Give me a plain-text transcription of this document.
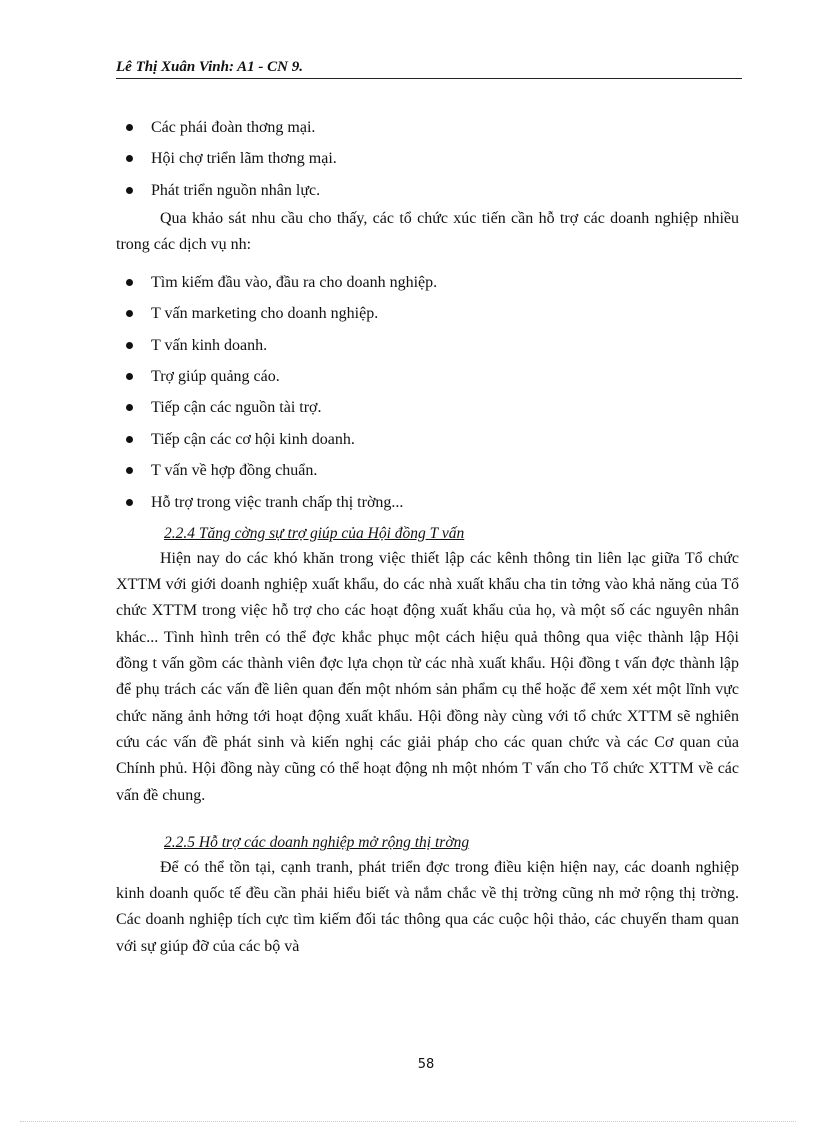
Lê Thị Xuân Vinh: A1 - CN 9.
Các phái đoàn thơng mại.
Hội chợ triển lãm thơng mại.
Phát triển nguồn nhân lực.

Qua khảo sát nhu cầu cho thấy, các tổ chức xúc tiến cần hỗ trợ các doanh nghiệp nhiều trong các dịch vụ nh:

Tìm kiếm đầu vào, đầu ra cho doanh nghiệp.
T vấn marketing cho doanh nghiệp.
T vấn kinh doanh.
Trợ giúp quảng cáo.
Tiếp cận các nguồn tài trợ.
Tiếp cận các cơ hội kinh doanh.
T vấn về hợp đồng chuẩn.
Hỗ trợ trong việc tranh chấp thị trờng...

2.2.4 Tăng cờng sự trợ giúp của Hội đồng T vấn

Hiện nay do các khó khăn trong việc thiết lập các kênh thông tin liên lạc giữa Tổ chức XTTM với giới doanh nghiệp xuất khẩu, do các nhà xuất khẩu cha tin tởng vào khả năng của Tổ chức XTTM trong việc hỗ trợ cho các hoạt động xuất khẩu của họ, và một số các nguyên nhân khác... Tình hình trên có thể đợc khắc phục một cách hiệu quả thông qua việc thành lập Hội đồng t vấn gồm các thành viên đợc lựa chọn từ các nhà xuất khẩu. Hội đồng t vấn đợc thành lập để phụ trách các vấn đề liên quan đến một nhóm sản phẩm cụ thể hoặc để xem xét một lĩnh vực chức năng ảnh hởng tới hoạt động xuất khẩu. Hội đồng này cùng với tổ chức XTTM sẽ nghiên cứu các vấn đề phát sinh và kiến nghị các giải pháp cho các quan chức và các Cơ quan của Chính phủ. Hội đồng này cũng có thể hoạt động nh một nhóm T vấn cho Tổ chức XTTM về các vấn đề chung.

2.2.5 Hỗ trợ các doanh nghiệp mở rộng thị trờng

Để có thể tồn tại, cạnh tranh, phát triển đợc trong điều kiện hiện nay, các doanh nghiệp kinh doanh quốc tế đều cần phải hiểu biết và nắm chắc về thị trờng cũng nh mở rộng thị trờng. Các doanh nghiệp tích cực tìm kiếm đối tác thông qua các cuộc hội thảo, các chuyến tham quan với sự giúp đỡ của các bộ và

58
